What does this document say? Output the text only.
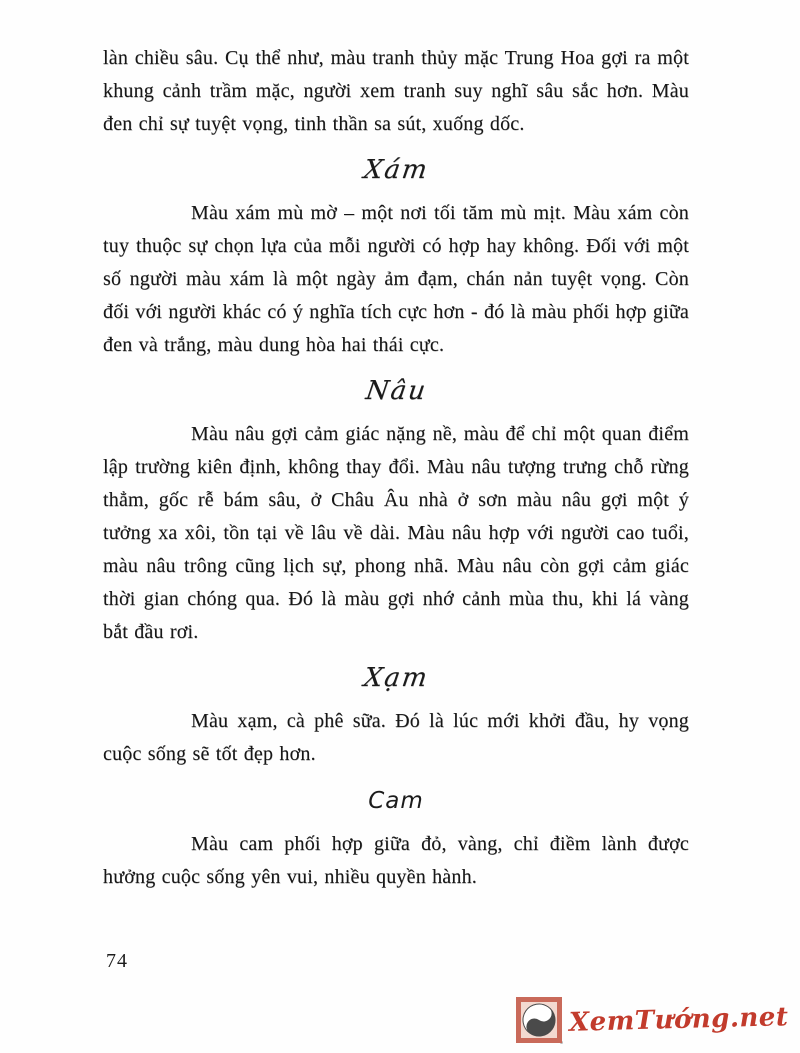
làn chiều sâu. Cụ thể như, màu tranh thủy mặc Trung Hoa gợi ra một khung cảnh trầm mặc, người xem tranh suy nghĩ sâu sắc hơn. Màu đen chỉ sự tuyệt vọng, tinh thần sa sút, xuống dốc.

Xám

Màu xám mù mờ – một nơi tối tăm mù mịt. Màu xám còn tuy thuộc sự chọn lựa của mỗi người có hợp hay không. Đối với một số người màu xám là một ngày ảm đạm, chán nản tuyệt vọng. Còn đối với người khác có ý nghĩa tích cực hơn - đó là màu phối hợp giữa đen và trắng, màu dung hòa hai thái cực.

Nâu

Màu nâu gợi cảm giác nặng nề, màu để chỉ một quan điểm lập trường kiên định, không thay đổi. Màu nâu tượng trưng chỗ rừng thẳm, gốc rễ bám sâu, ở Châu Âu nhà ở sơn màu nâu gợi một ý tưởng xa xôi, tồn tại về lâu về dài. Màu nâu hợp với người cao tuổi, màu nâu trông cũng lịch sự, phong nhã. Màu nâu còn gợi cảm giác thời gian chóng qua. Đó là màu gợi nhớ cảnh mùa thu, khi lá vàng bắt đầu rơi.

Xạm

Màu xạm, cà phê sữa. Đó là lúc mới khởi đầu, hy vọng cuộc sống sẽ tốt đẹp hơn.

Cam

Màu cam phối hợp giữa đỏ, vàng, chỉ điềm lành được hưởng cuộc sống yên vui, nhiều quyền hành.

74
XemTướng.net
